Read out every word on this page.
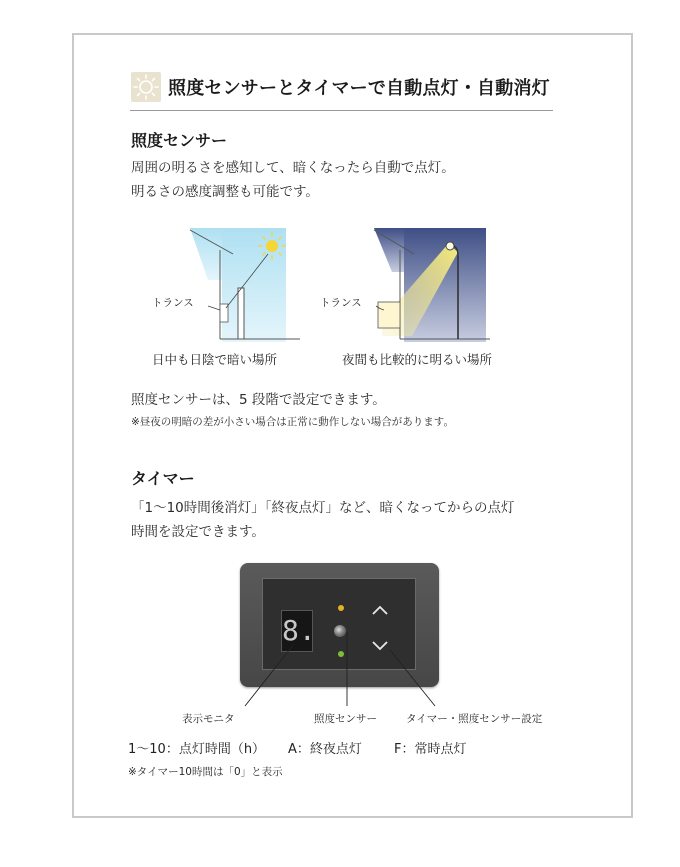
照度センサーとタイマーで自動点灯・自動消灯
照度センサー
周囲の明るさを感知して、暗くなったら自動で点灯。
明るさの感度調整も可能です。
トランス
日中も日陰で暗い場所
トランス
夜間も比較的に明るい場所
照度センサーは、5 段階で設定できます。
※昼夜の明暗の差が小さい場合は正常に動作しない場合があります。
タイマー
「1～10時間後消灯」「終夜点灯」など、暗くなってからの点灯
時間を設定できます。
8.
表示モニタ	照度センサー	タイマー・照度センサー設定
1～10：点灯時間（h） A：終夜点灯 F：常時点灯
※タイマー10時間は「0」と表示
